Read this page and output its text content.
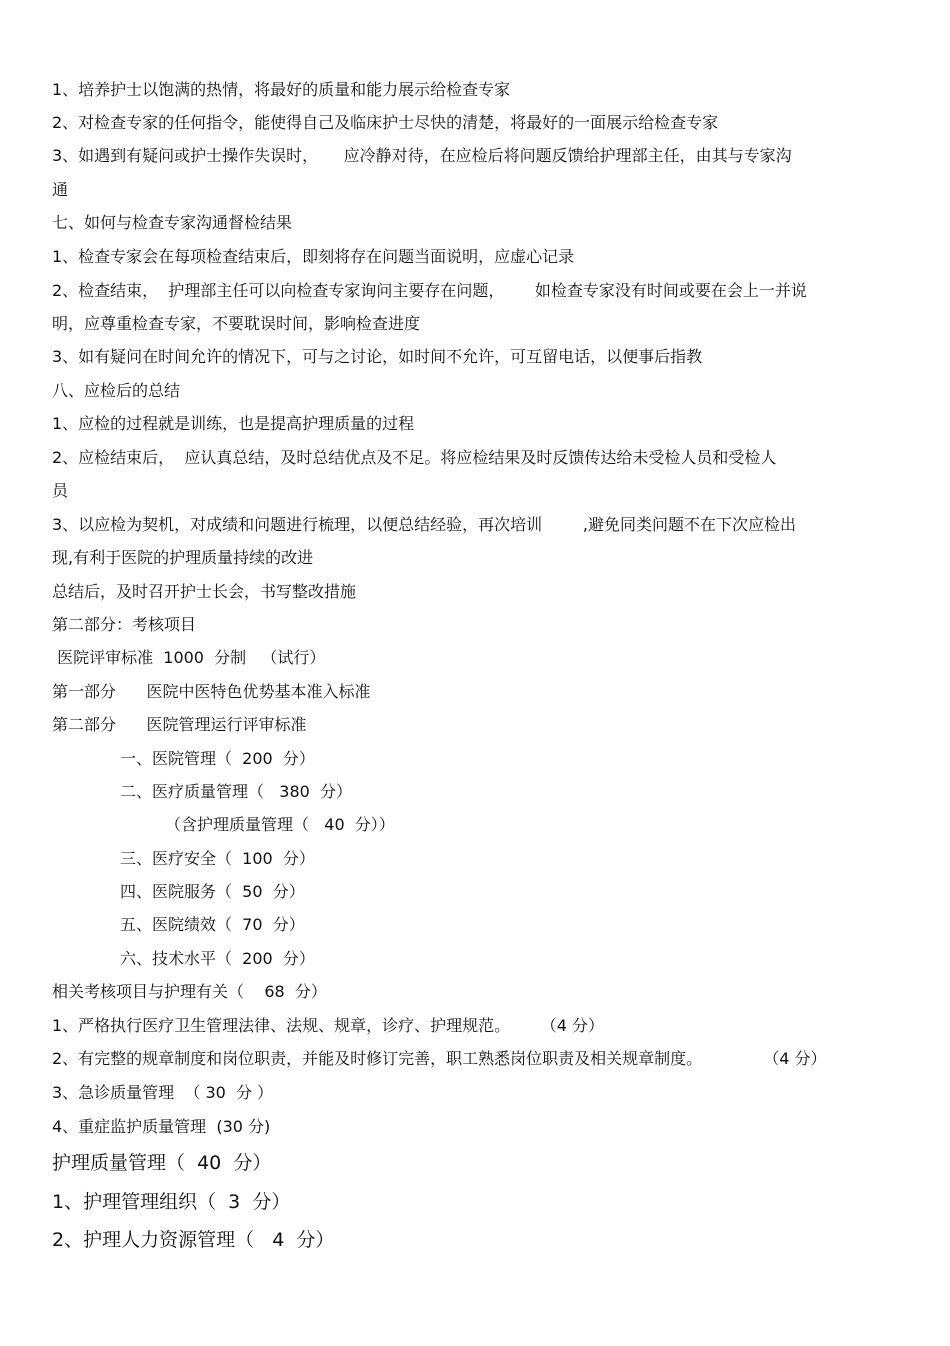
1、培养护士以饱满的热情，将最好的质量和能力展示给检查专家
2、对检查专家的任何指令，能使得自己及临床护士尽快的清楚，将最好的一面展示给检查专家
3、如遇到有疑问或护士操作失误时，     应冷静对待，在应检后将问题反馈给护理部主任，由其与专家沟
通
七、如何与检查专家沟通督检结果
1、检查专家会在每项检查结束后，即刻将存在问题当面说明，应虚心记录
2、检查结束，  护理部主任可以向检查专家询问主要存在问题，      如检查专家没有时间或要在会上一并说
明，应尊重检查专家，不要耽误时间，影响检查进度
3、如有疑问在时间允许的情况下，可与之讨论，如时间不允许，可互留电话，以便事后指教
八、应检后的总结
1、应检的过程就是训练，也是提高护理质量的过程
2、应检结束后，  应认真总结，及时总结优点及不足。将应检结果及时反馈传达给未受检人员和受检人
员
3、以应检为契机，对成绩和问题进行梳理，以便总结经验，再次培训        ,避免同类问题不在下次应检出
现,有利于医院的护理质量持续的改进
总结后，及时召开护士长会，书写整改措施
第二部分：考核项目
医院评审标准  1000  分制   （试行）
第一部分      医院中医特色优势基本准入标准
第二部分      医院管理运行评审标准
一、医院管理（  200  分）
二、医疗质量管理（   380  分）
（含护理质量管理（   40  分））
三、医疗安全（  100  分）
四、医院服务（  50  分）
五、医院绩效（  70  分）
六、技术水平（  200  分）
相关考核项目与护理有关（    68  分）
1、严格执行医疗卫生管理法律、法规、规章，诊疗、护理规范。      （4 分）
2、有完整的规章制度和岗位职责，并能及时修订完善，职工熟悉岗位职责及相关规章制度。            （4 分）
3、急诊质量管理  （ 30  分 ）
4、重症监护质量管理  (30 分)
护理质量管理（  40  分）
1、护理管理组织（  3  分）
2、护理人力资源管理（   4  分）
